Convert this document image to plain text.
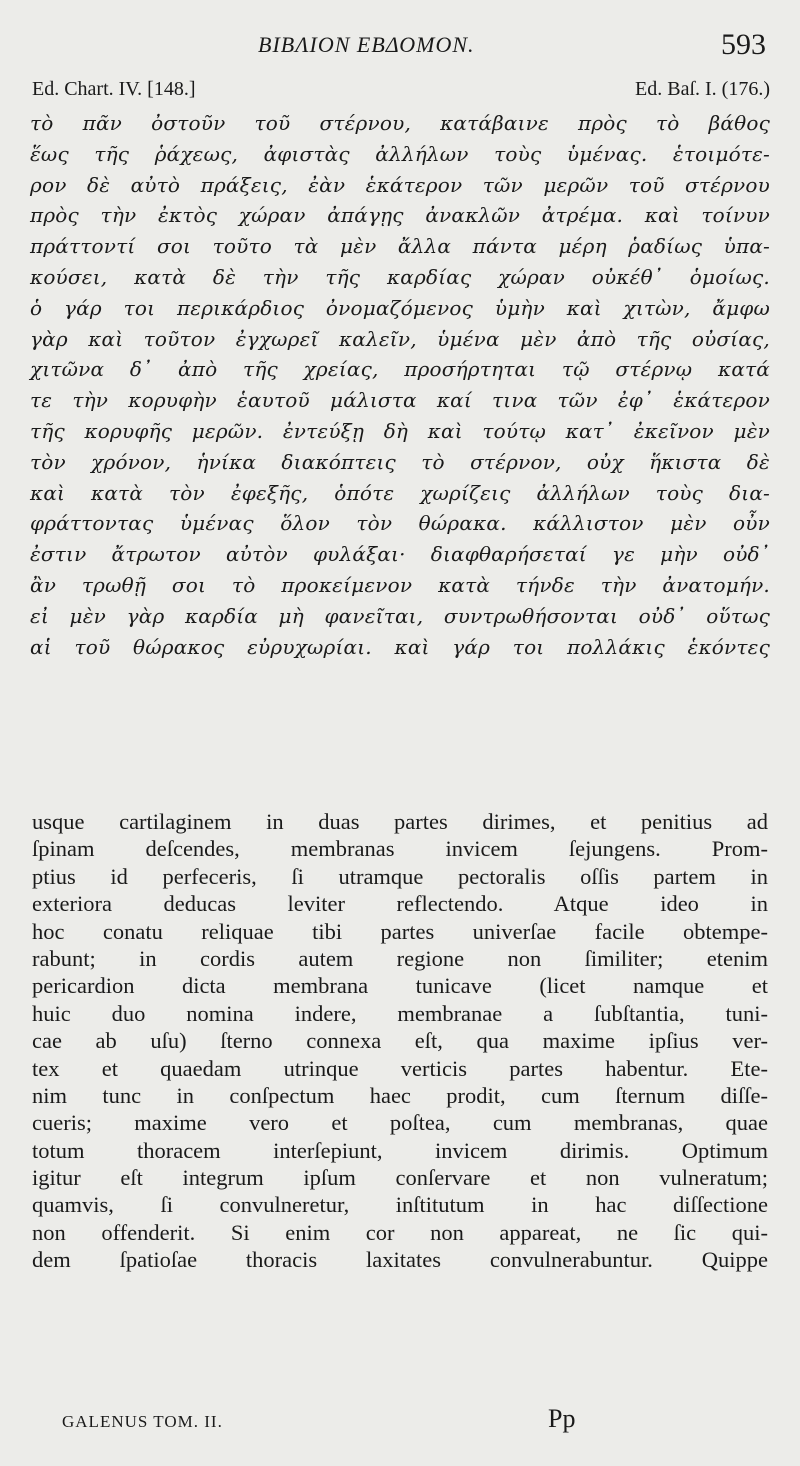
BIBΛΙΟΝ ΕΒΔΟΜΟΝ.	593
Ed. Chart. IV. [148.]	Ed. Baſ. I. (176.)
τὸ πᾶν ὀστοῦν τοῦ στέρνου, κατάβαινε πρὸς τὸ βάθος
ἕως τῆς ῥάχεως, ἀφιστὰς ἀλλήλων τοὺς ὑμένας. ἑτοιμότε-
ρον δὲ αὐτὸ πράξεις, ἐὰν ἑκάτερον τῶν μερῶν τοῦ στέρνου
πρὸς τὴν ἐκτὸς χώραν ἀπάγῃς ἀνακλῶν ἀτρέμα. καὶ τοίνυν
πράττοντί σοι τοῦτο τὰ μὲν ἄλλα πάντα μέρη ῥαδίως ὑπα-
κούσει, κατὰ δὲ τὴν τῆς καρδίας χώραν οὐκέθ᾽ ὁμοίως.
ὁ γάρ τοι περικάρδιος ὀνομαζόμενος ὑμὴν καὶ χιτὼν, ἄμφω
γὰρ καὶ τοῦτον ἐγχωρεῖ καλεῖν, ὑμένα μὲν ἀπὸ τῆς οὐσίας,
χιτῶνα δ᾽ ἀπὸ τῆς χρείας, προσήρτηται τῷ στέρνῳ κατά
τε τὴν κορυφὴν ἑαυτοῦ μάλιστα καί τινα τῶν ἐφ᾽ ἑκάτερον
τῆς κορυφῆς μερῶν. ἐντεύξῃ δὴ καὶ τούτῳ κατ᾽ ἐκεῖνον μὲν
τὸν χρόνον, ἡνίκα διακόπτεις τὸ στέρνον, οὐχ ἥκιστα δὲ
καὶ κατὰ τὸν ἐφεξῆς, ὁπότε χωρίζεις ἀλλήλων τοὺς δια-
φράττοντας ὑμένας ὅλον τὸν θώρακα. κάλλιστον μὲν οὖν
ἐστιν ἄτρωτον αὐτὸν φυλάξαι· διαφθαρήσεταί γε μὴν οὐδ᾽
ἂν τρωθῇ σοι τὸ προκείμενον κατὰ τήνδε τὴν ἀνατομήν.
εἰ μὲν γὰρ καρδία μὴ φανεῖται, συντρωθήσονται οὐδ᾽ οὕτως
αἱ τοῦ θώρακος εὐρυχωρίαι. καὶ γάρ τοι πολλάκις ἑκόντες
usque cartilaginem in duas partes dirimes, et penitius ad
ſpinam deſcendes, membranas invicem ſejungens. Prom-
ptius id perfeceris, ſi utramque pectoralis oſſis partem in
exteriora deducas leviter reflectendo. Atque ideo in
hoc conatu reliquae tibi partes univerſae facile obtempe-
rabunt; in cordis autem regione non ſimiliter; etenim
pericardion dicta membrana tunicave (licet namque et
huic duo nomina indere, membranae a ſubſtantia, tuni-
cae ab uſu) ſterno connexa eſt, qua maxime ipſius ver-
tex et quaedam utrinque verticis partes habentur. Ete-
nim tunc in conſpectum haec prodit, cum ſternum diſſe-
cueris; maxime vero et poſtea, cum membranas, quae
totum thoracem interſepiunt, invicem dirimis. Optimum
igitur eſt integrum ipſum conſervare et non vulneratum;
quamvis, ſi convulneretur, inſtitutum in hac diſſectione
non offenderit. Si enim cor non appareat, ne ſic qui-
dem ſpatioſae thoracis laxitates convulnerabuntur. Quippe
GALENUS TOM. II.	Pp
